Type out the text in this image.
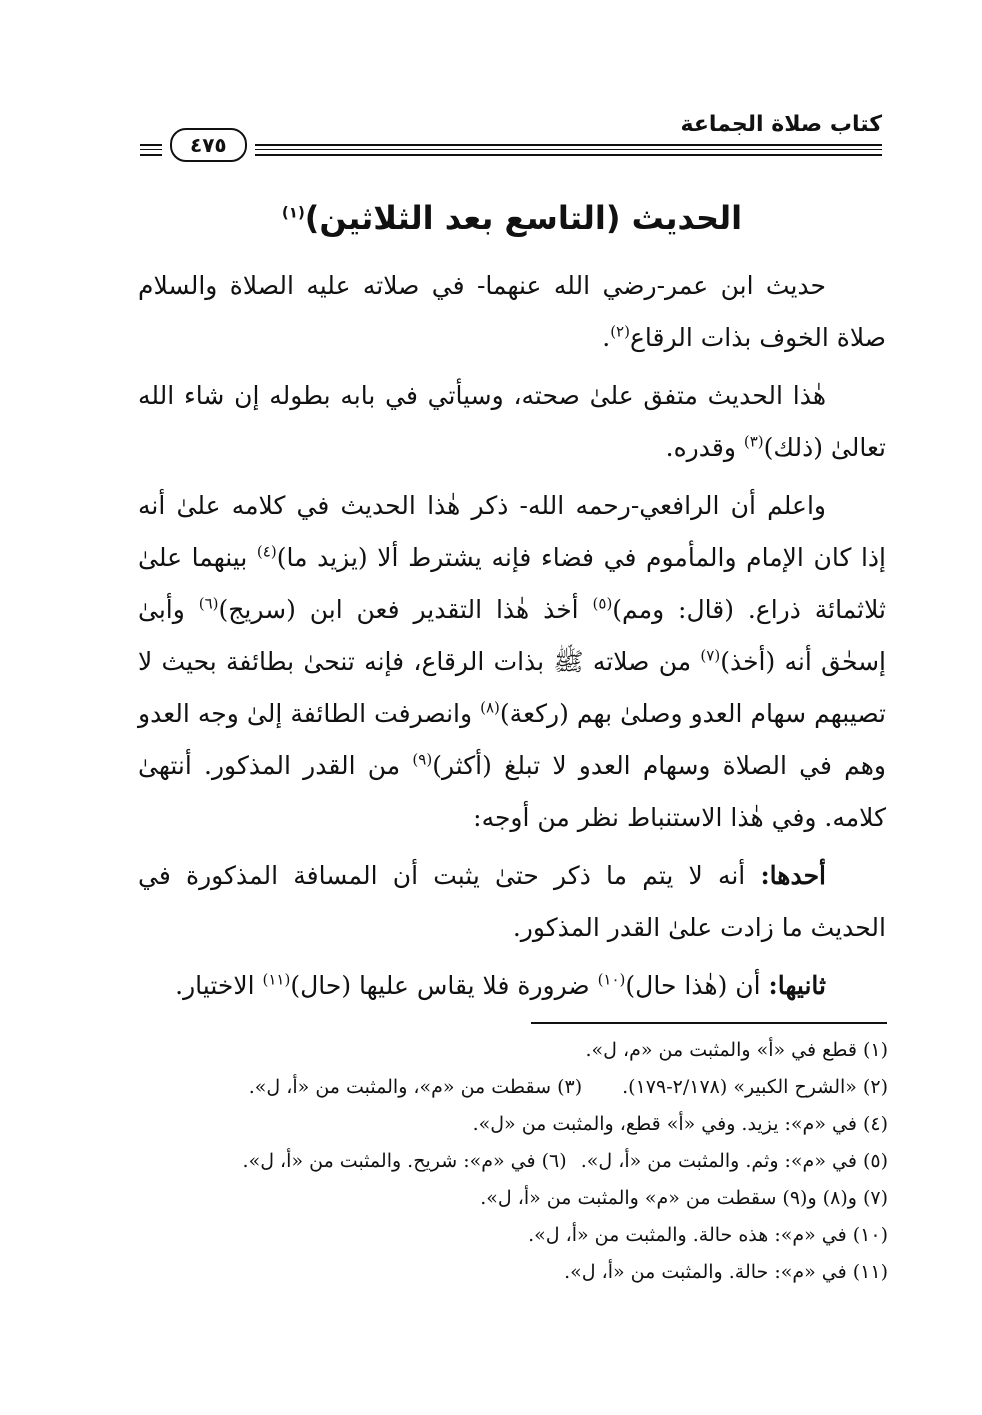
كتاب صلاة الجماعة
٤٧٥
الحديث (التاسع بعد الثلاثين)$^{(١)}$

حديث ابن عمر-رضي الله عنهما- في صلاته عليه الصلاة والسلام صلاة الخوف بذات الرقاع$^{(٢)}$.

هٰذا الحديث متفق علىٰ صحته، وسيأتي في بابه بطوله إن شاء الله تعالىٰ (ذلك)$^{(٣)}$ وقدره.

واعلم أن الرافعي-رحمه الله- ذكر هٰذا الحديث في كلامه علىٰ أنه إذا كان الإمام والمأموم في فضاء فإنه يشترط ألا (يزيد ما)$^{(٤)}$ بينهما علىٰ ثلاثمائة ذراع. (قال: ومم)$^{(٥)}$ أخذ هٰذا التقدير فعن ابن (سريج)$^{(٦)}$ وأبىٰ إسحٰق أنه (أخذ)$^{(٧)}$ من صلاته ﷺ بذات الرقاع، فإنه تنحىٰ بطائفة بحيث لا تصيبهم سهام العدو وصلىٰ بهم (ركعة)$^{(٨)}$ وانصرفت الطائفة إلىٰ وجه العدو وهم في الصلاة وسهام العدو لا تبلغ (أكثر)$^{(٩)}$ من القدر المذكور. أنتهىٰ كلامه. وفي هٰذا الاستنباط نظر من أوجه:

أحدها: أنه لا يتم ما ذكر حتىٰ يثبت أن المسافة المذكورة في الحديث ما زادت علىٰ القدر المذكور.

ثانيها: أن (هٰذا حال)$^{(١٠)}$ ضرورة فلا يقاس عليها (حال)$^{(١١)}$ الاختيار.

(١) قطع في «أ» والمثبت من «م، ل».
(٢) «الشرح الكبير» (٢/١٧٨-١٧٩).(٣) سقطت من «م»، والمثبت من «أ، ل».
(٤) في «م»: يزيد. وفي «أ» قطع، والمثبت من «ل».
(٥) في «م»: وثم. والمثبت من «أ، ل».(٦) في «م»: شريح. والمثبت من «أ، ل».
(٧) و(٨) و(٩) سقطت من «م» والمثبت من «أ، ل».
(١٠) في «م»: هذه حالة. والمثبت من «أ، ل».
(١١) في «م»: حالة. والمثبت من «أ، ل».
